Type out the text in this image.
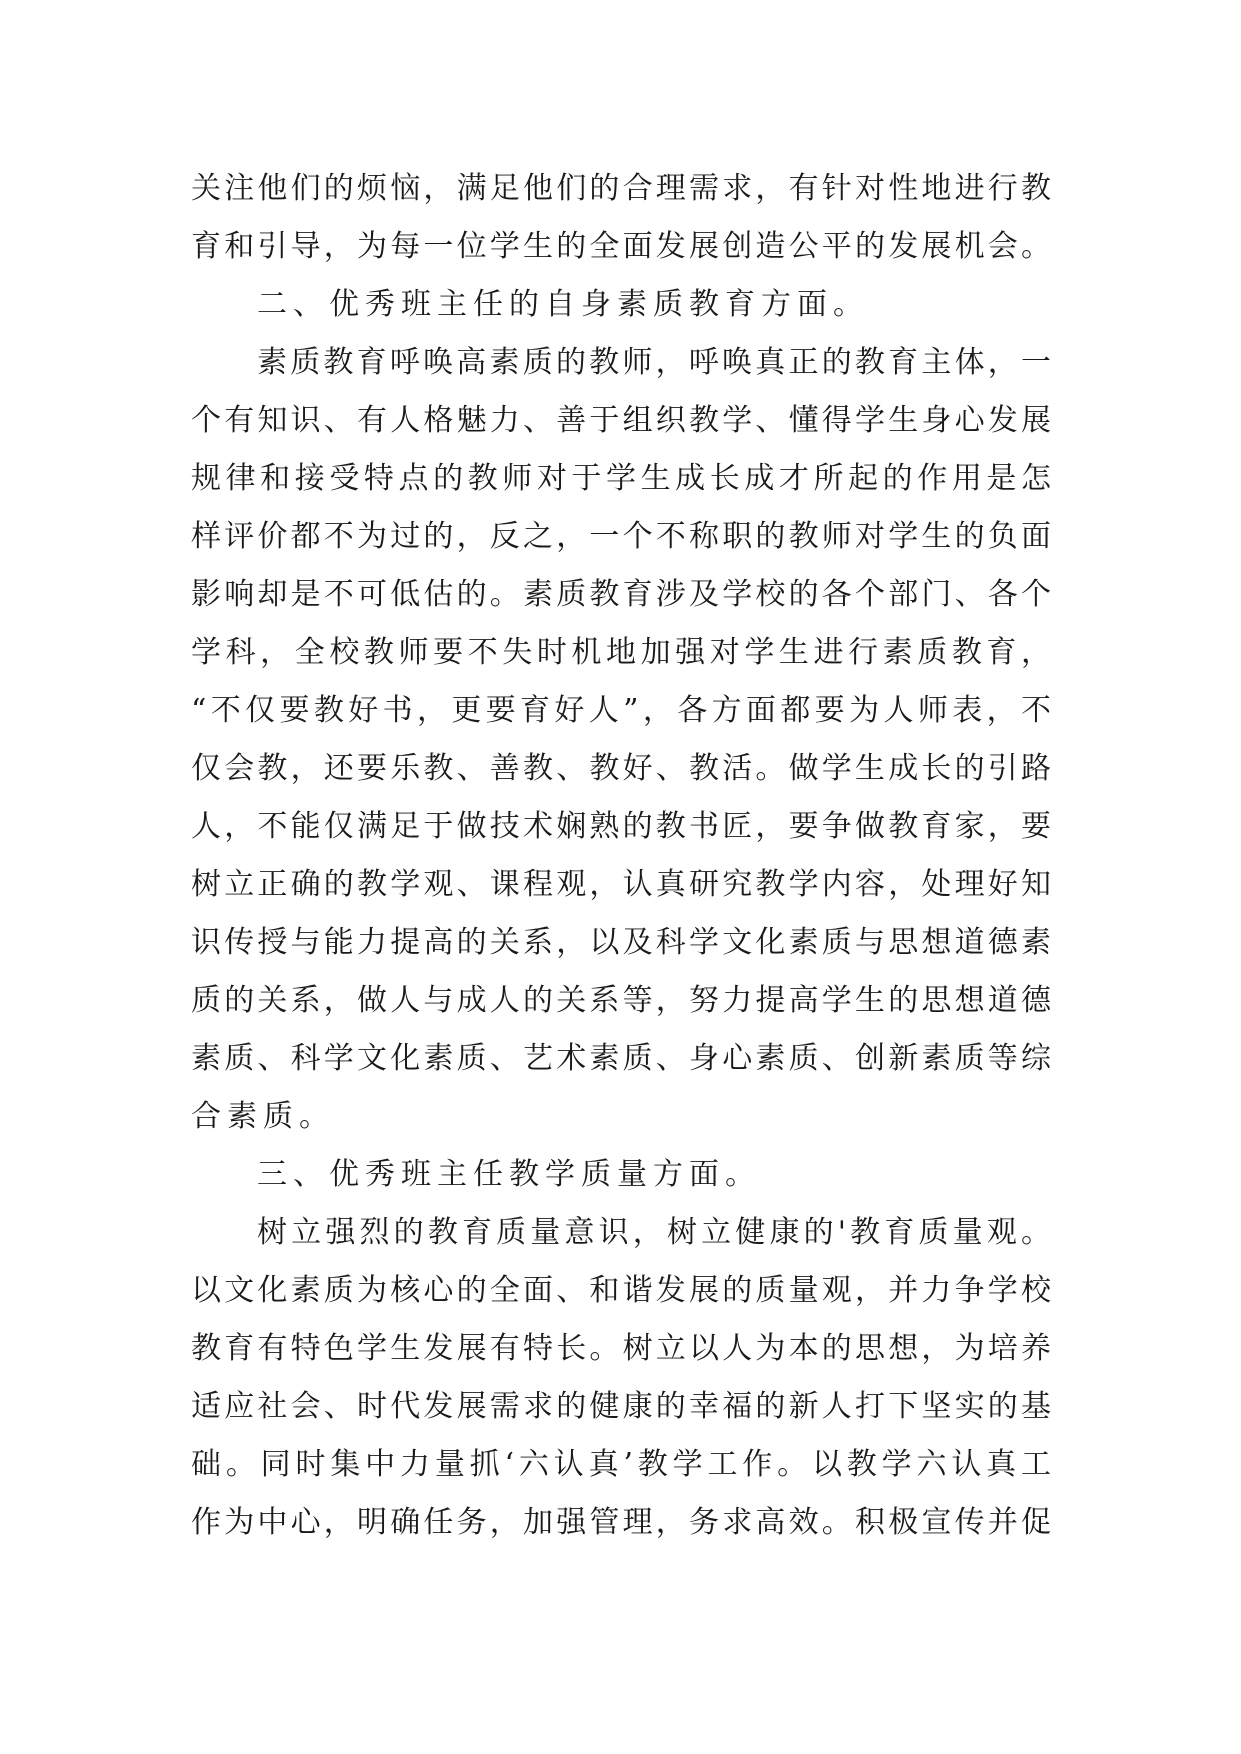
关注他们的烦恼，满足他们的合理需求，有针对性地进行教
育和引导，为每一位学生的全面发展创造公平的发展机会。
二、优秀班主任的自身素质教育方面。
素质教育呼唤高素质的教师，呼唤真正的教育主体，一
个有知识、有人格魅力、善于组织教学、懂得学生身心发展
规律和接受特点的教师对于学生成长成才所起的作用是怎
样评价都不为过的，反之，一个不称职的教师对学生的负面
影响却是不可低估的。素质教育涉及学校的各个部门、各个
学科，全校教师要不失时机地加强对学生进行素质教育，
“不仅要教好书，更要育好人”，各方面都要为人师表，不
仅会教，还要乐教、善教、教好、教活。做学生成长的引路
人，不能仅满足于做技术娴熟的教书匠，要争做教育家，要
树立正确的教学观、课程观，认真研究教学内容，处理好知
识传授与能力提高的关系，以及科学文化素质与思想道德素
质的关系，做人与成人的关系等，努力提高学生的思想道德
素质、科学文化素质、艺术素质、身心素质、创新素质等综
合素质。
三、优秀班主任教学质量方面。
树立强烈的教育质量意识，树立健康的'教育质量观。
以文化素质为核心的全面、和谐发展的质量观，并力争学校
教育有特色学生发展有特长。树立以人为本的思想，为培养
适应社会、时代发展需求的健康的幸福的新人打下坚实的基
础。同时集中力量抓‘六认真’教学工作。以教学六认真工
作为中心，明确任务，加强管理，务求高效。积极宣传并促
